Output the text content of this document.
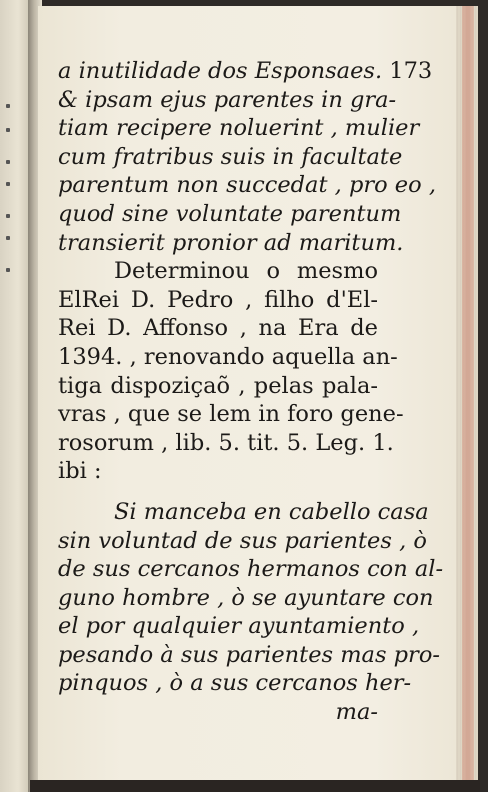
a inutilidade dos Esponsaes. 173
& ipsam ejus parentes in gra-
tiam recipere noluerint , mulier
cum fratribus suis in facultate
parentum non succedat , pro eo ,
quod sine voluntate parentum
transierit pronior ad maritum.
Determinou o mesmo
ElRei D. Pedro , filho d'El-
Rei D. Affonso , na Era de
1394. , renovando aquella an-
tiga dispoziçaõ , pelas pala-
vras , que se lem in foro gene-
rosorum , lib. 5. tit. 5. Leg. 1.
ibi :
Si manceba en cabello casa
sin voluntad de sus parientes , ò
de sus cercanos hermanos con al-
guno hombre , ò se ayuntare con
el por qualquier ayuntamiento ,
pesando à sus parientes mas pro-
pinquos , ò a sus cercanos her-
ma-
